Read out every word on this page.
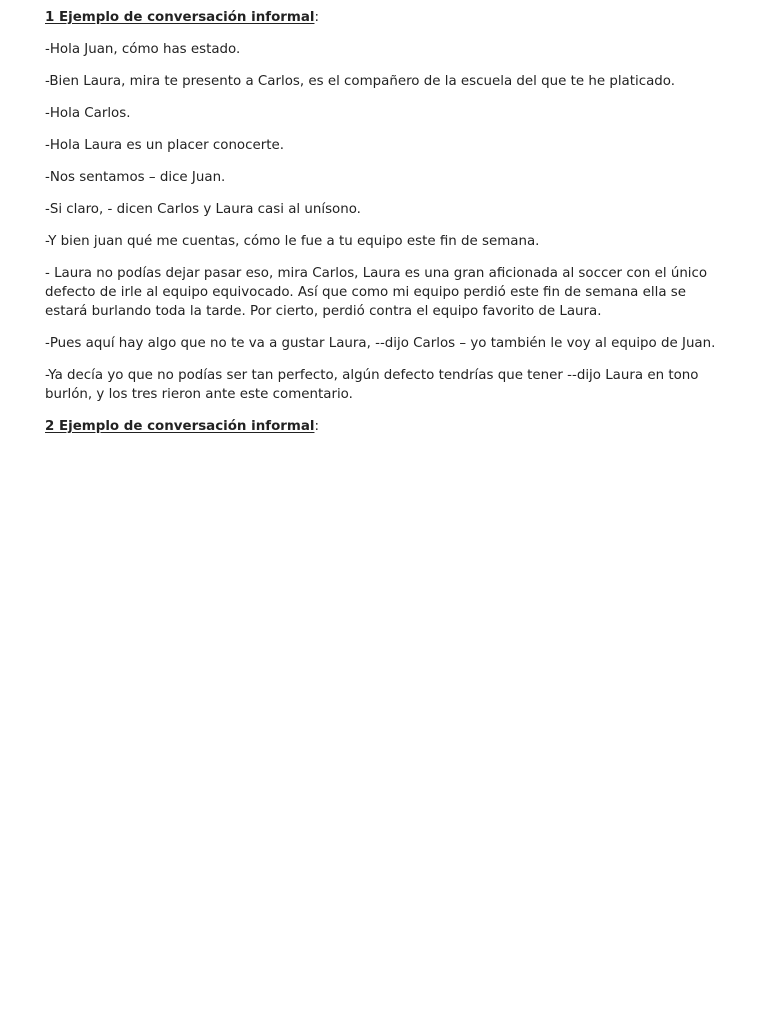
1 Ejemplo de conversación informal:

-Hola Juan, cómo has estado.

-Bien Laura, mira te presento a Carlos, es el compañero de la escuela del que te he platicado.

-Hola Carlos.

-Hola Laura es un placer conocerte.

-Nos sentamos – dice Juan.

-Si claro, - dicen Carlos y Laura casi al unísono.

-Y bien juan qué me cuentas, cómo le fue a tu equipo este fin de semana.

- Laura no podías dejar pasar eso, mira Carlos, Laura es una gran aficionada al soccer con el único defecto de irle al equipo equivocado. Así que como mi equipo perdió este fin de semana ella se estará burlando toda la tarde. Por cierto, perdió contra el equipo favorito de Laura.

-Pues aquí hay algo que no te va a gustar Laura, --dijo Carlos – yo también le voy al equipo de Juan.

-Ya decía yo que no podías ser tan perfecto, algún defecto tendrías que tener --dijo Laura en tono burlón, y los tres rieron ante este comentario.

2 Ejemplo de conversación informal:
